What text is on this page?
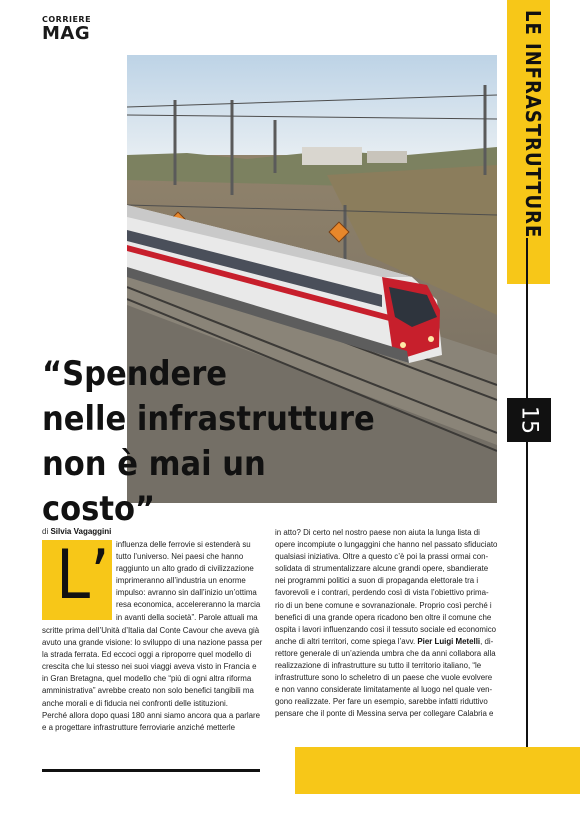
CORRIERE
MAG	LE INFRASTRUTTURE
15
“Spendere
nelle infrastrutture
non è mai un costo”
di Silvia Vagaggini
L’ influenza delle ferrovie si estenderà su
tutto l’universo. Nei paesi che hanno
raggiunto un alto grado di civilizzazione
imprimeranno all’industria un enorme
impulso: avranno sin dall’inizio un’ottima
resa economica, accelereranno la marcia
in avanti della società”. Parole attuali ma
scritte prima dell’Unità d’Italia dal Conte Cavour che aveva già
avuto una grande visione: lo sviluppo di una nazione passa per
la strada ferrata. Ed eccoci oggi a riproporre quel modello di
crescita che lui stesso nei suoi viaggi aveva visto in Francia e
in Gran Bretagna, quel modello che “più di ogni altra riforma
amministrativa” avrebbe creato non solo benefici tangibili ma
anche morali e di fiducia nei confronti delle istituzioni.
Perché allora dopo quasi 180 anni siamo ancora qua a parlare
e a progettare infrastrutture ferroviarie anziché metterle
in atto? Di certo nel nostro paese non aiuta la lunga lista di
opere incompiute o lungaggini che hanno nel passato sfiduciato
qualsiasi iniziativa. Oltre a questo c’è poi la prassi ormai con-
solidata di strumentalizzare alcune grandi opere, sbandierate
nei programmi politici a suon di propaganda elettorale tra i
favorevoli e i contrari, perdendo così di vista l’obiettivo prima-
rio di un bene comune e sovranazionale. Proprio così perché i
benefici di una grande opera ricadono ben oltre il comune che
ospita i lavori influenzando così il tessuto sociale ed economico
anche di altri territori, come spiega l’avv. Pier Luigi Metelli, di-
rettore generale di un’azienda umbra che da anni collabora alla
realizzazione di infrastrutture su tutto il territorio italiano, “le
infrastrutture sono lo scheletro di un paese che vuole evolvere
e non vanno considerate limitatamente al luogo nel quale ven-
gono realizzate. Per fare un esempio, sarebbe infatti riduttivo
pensare che il ponte di Messina serva per collegare Calabria e
